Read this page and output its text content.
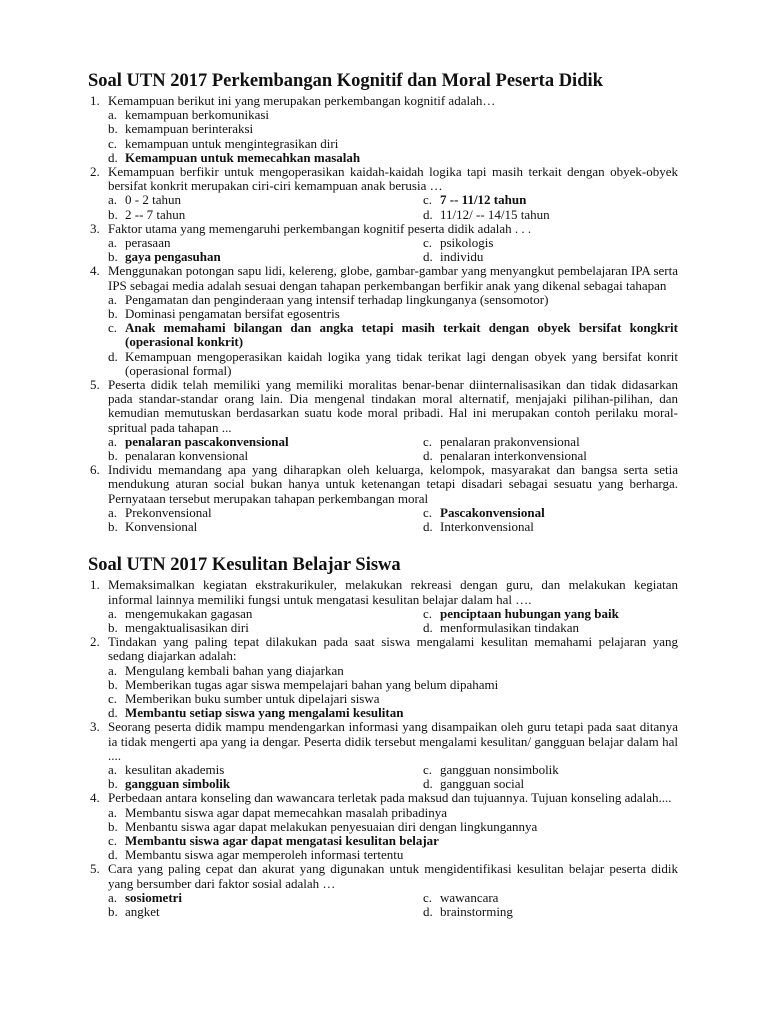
Soal UTN 2017 Perkembangan Kognitif dan Moral Peserta Didik
1. Kemampuan berikut ini yang merupakan perkembangan kognitif adalah…
a. kemampuan berkomunikasi
b. kemampuan berinteraksi
c. kemampuan untuk mengintegrasikan diri
d. Kemampuan untuk memecahkan masalah
2. Kemampuan berfikir untuk mengoperasikan kaidah-kaidah logika tapi masih terkait dengan obyek-obyek bersifat konkrit merupakan ciri-ciri kemampuan anak berusia …
a. 0 - 2 tahun	c. 7 -- 11/12 tahun
b. 2 -- 7 tahun	d. 11/12/ -- 14/15 tahun
3. Faktor utama yang memengaruhi perkembangan kognitif peserta didik adalah . . .
a. perasaan	c. psikologis
b. gaya pengasuhan	d. individu
4. Menggunakan potongan sapu lidi, kelereng, globe, gambar-gambar yang menyangkut pembelajaran IPA serta IPS sebagai media adalah sesuai dengan tahapan perkembangan berfikir anak yang dikenal sebagai tahapan
a. Pengamatan dan penginderaan yang intensif terhadap lingkunganya (sensomotor)
b. Dominasi pengamatan bersifat egosentris
c. Anak memahami bilangan dan angka tetapi masih terkait dengan obyek bersifat kongkrit (operasional konkrit)
d. Kemampuan mengoperasikan kaidah logika yang tidak terikat lagi dengan obyek yang bersifat konrit (operasional formal)
5. Peserta didik telah memiliki yang memiliki moralitas benar-benar diinternalisasikan dan tidak didasarkan pada standar-standar orang lain. Dia mengenal tindakan moral alternatif, menjajaki pilihan-pilihan, dan kemudian memutuskan berdasarkan suatu kode moral pribadi. Hal ini merupakan contoh perilaku moral-spritual pada tahapan ...
a. penalaran pascakonvensional	c. penalaran prakonvensional
b. penalaran konvensional	d. penalaran interkonvensional
6. Individu memandang apa yang diharapkan oleh keluarga, kelompok, masyarakat dan bangsa serta setia mendukung aturan social bukan hanya untuk ketenangan tetapi disadari sebagai sesuatu yang berharga. Pernyataan tersebut merupakan tahapan perkembangan moral
a. Prekonvensional	c. Pascakonvensional
b. Konvensional	d. Interkonvensional
Soal UTN 2017 Kesulitan Belajar Siswa
1. Memaksimalkan kegiatan ekstrakurikuler, melakukan rekreasi dengan guru, dan melakukan kegiatan informal lainnya memiliki fungsi untuk mengatasi kesulitan belajar dalam hal ….
a. mengemukakan gagasan	c. penciptaan hubungan yang baik
b. mengaktualisasikan diri	d. menformulasikan tindakan
2. Tindakan yang paling tepat dilakukan pada saat siswa mengalami kesulitan memahami pelajaran yang sedang diajarkan adalah:
a. Mengulang kembali bahan yang diajarkan
b. Memberikan tugas agar siswa mempelajari bahan yang belum dipahami
c. Memberikan buku sumber untuk dipelajari siswa
d. Membantu setiap siswa yang mengalami kesulitan
3. Seorang peserta didik mampu mendengarkan informasi yang disampaikan oleh guru tetapi pada saat ditanya ia tidak mengerti apa yang ia dengar. Peserta didik tersebut mengalami kesulitan/ gangguan belajar dalam hal ....
a. kesulitan akademis	c. gangguan nonsimbolik
b. gangguan simbolik	d. gangguan social
4. Perbedaan antara konseling dan wawancara terletak pada maksud dan tujuannya. Tujuan konseling adalah....
a. Membantu siswa agar dapat memecahkan masalah pribadinya
b. Menbantu siswa agar dapat melakukan penyesuaian diri dengan lingkungannya
c. Membantu siswa agar dapat mengatasi kesulitan belajar
d. Membantu siswa agar memperoleh informasi tertentu
5. Cara yang paling cepat dan akurat yang digunakan untuk mengidentifikasi kesulitan belajar peserta didik yang bersumber dari faktor sosial adalah …
a. sosiometri	c. wawancara
b. angket	d. brainstorming
